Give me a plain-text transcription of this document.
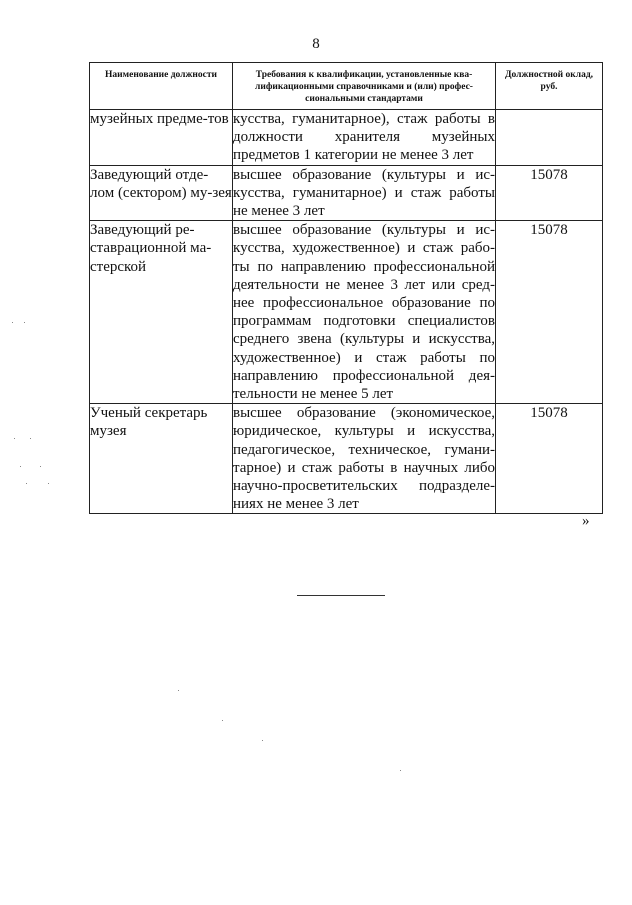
8
Наименование должности	Требования к квалификации, установленные ква-лификационными справочниками и (или) профес-сиональными стандартами	Должностной оклад, руб.

музейных предме-тов	кусства, гуманитарное), стаж работы в должности хранителя музейных предметов 1 категории не менее 3 лет	

Заведующий отде-лом (сектором) му-зея	высшее образование (культуры и ис-кусства, гуманитарное) и стаж работы не менее 3 лет	15078

Заведующий ре-ставрационной ма-стерской	высшее образование (культуры и ис-кусства, художественное) и стаж рабо-ты по направлению профессиональной деятельности не менее 3 лет или сред-нее профессиональное образование по программам подготовки специалистов среднего звена (культуры и искусства, художественное) и стаж работы по направлению профессиональной дея-тельности не менее 5 лет	15078

Ученый секретарь музея	высшее образование (экономическое, юридическое, культуры и искусства, педагогическое, техническое, гумани-тарное) и стаж работы в научных либо научно-просветительских подразделе-ниях не менее 3 лет	15078
»
